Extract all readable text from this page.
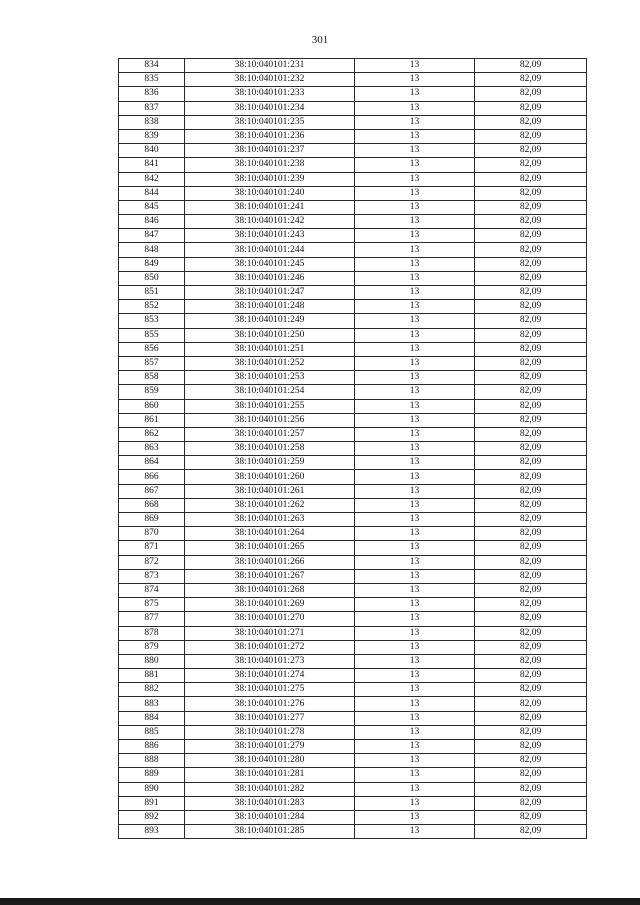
301
834	38:10:040101:231	13	82,09
835	38:10:040101:232	13	82,09
836	38:10:040101:233	13	82,09
837	38:10:040101:234	13	82,09
838	38:10:040101:235	13	82,09
839	38:10:040101:236	13	82,09
840	38:10:040101:237	13	82,09
841	38:10:040101:238	13	82,09
842	38:10:040101:239	13	82,09
844	38:10:040101:240	13	82,09
845	38:10:040101:241	13	82,09
846	38:10:040101:242	13	82,09
847	38:10:040101:243	13	82,09
848	38:10:040101:244	13	82,09
849	38:10:040101:245	13	82,09
850	38:10:040101:246	13	82,09
851	38:10:040101:247	13	82,09
852	38:10:040101:248	13	82,09
853	38:10:040101:249	13	82,09
855	38:10:040101:250	13	82,09
856	38:10:040101:251	13	82,09
857	38:10:040101:252	13	82,09
858	38:10:040101:253	13	82,09
859	38:10:040101:254	13	82,09
860	38:10:040101:255	13	82,09
861	38:10:040101:256	13	82,09
862	38:10:040101:257	13	82,09
863	38:10:040101:258	13	82,09
864	38:10:040101:259	13	82,09
866	38:10:040101:260	13	82,09
867	38:10:040101:261	13	82,09
868	38:10:040101:262	13	82,09
869	38:10:040101:263	13	82,09
870	38:10:040101:264	13	82,09
871	38:10:040101:265	13	82,09
872	38:10:040101:266	13	82,09
873	38:10:040101:267	13	82,09
874	38:10:040101:268	13	82,09
875	38:10:040101:269	13	82,09
877	38:10:040101:270	13	82,09
878	38:10:040101:271	13	82,09
879	38:10:040101:272	13	82,09
880	38:10:040101:273	13	82,09
881	38:10:040101:274	13	82,09
882	38:10:040101:275	13	82,09
883	38:10:040101:276	13	82,09
884	38:10:040101:277	13	82,09
885	38:10:040101:278	13	82,09
886	38:10:040101:279	13	82,09
888	38:10:040101:280	13	82,09
889	38:10:040101:281	13	82,09
890	38:10:040101:282	13	82,09
891	38:10:040101:283	13	82,09
892	38:10:040101:284	13	82,09
893	38:10:040101:285	13	82,09
